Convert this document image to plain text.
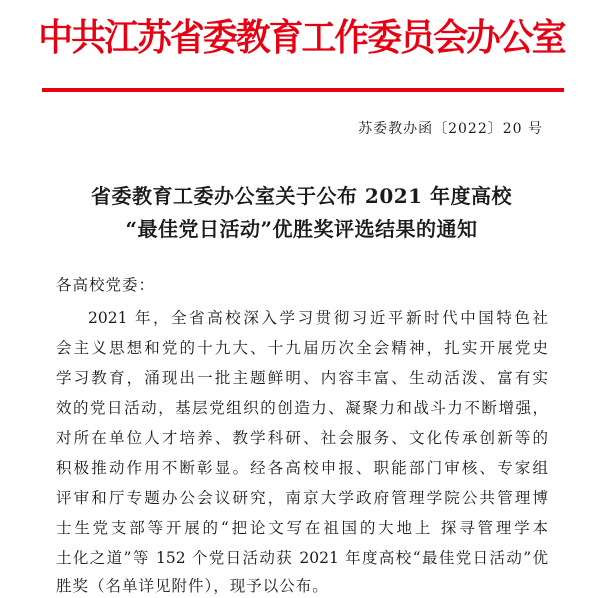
中共江苏省委教育工作委员会办公室
苏委教办函〔2022〕20 号
省委教育工委办公室关于公布 2021 年度高校
“最佳党日活动”优胜奖评选结果的通知
各高校党委：
2021 年，全省高校深入学习贯彻习近平新时代中国特色社
会主义思想和党的十九大、十九届历次全会精神，扎实开展党史
学习教育，涌现出一批主题鲜明、内容丰富、生动活泼、富有实
效的党日活动，基层党组织的创造力、凝聚力和战斗力不断增强，
对所在单位人才培养、教学科研、社会服务、文化传承创新等的
积极推动作用不断彰显。经各高校申报、职能部门审核、专家组
评审和厅专题办公会议研究，南京大学政府管理学院公共管理博
士生党支部等开展的“把论文写在祖国的大地上 探寻管理学本
土化之道”等 152 个党日活动获 2021 年度高校“最佳党日活动”优
胜奖（名单详见附件），现予以公布。
